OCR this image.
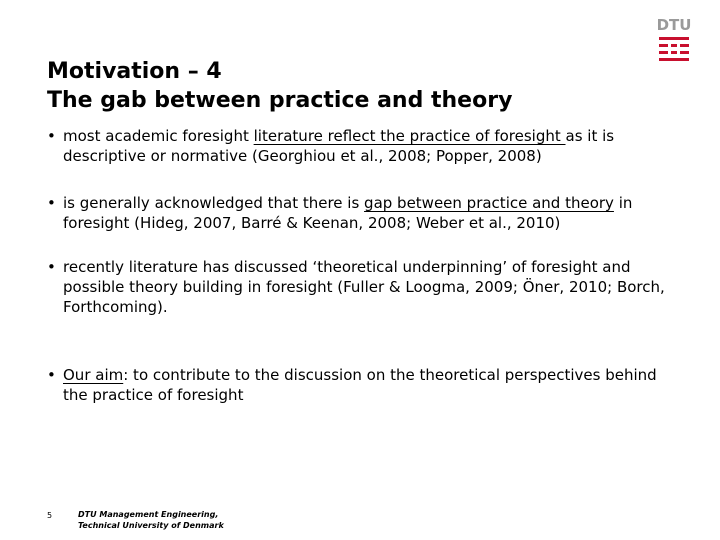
DTU
Motivation – 4
The gab between practice and theory
• most academic foresight literature reflect the practice of foresight as it is descriptive or normative (Georghiou et al., 2008; Popper, 2008)
• is generally acknowledged that there is gap between practice and theory in foresight (Hideg, 2007, Barré & Keenan, 2008; Weber et al., 2010)
• recently literature has discussed ‘theoretical underpinning’ of foresight and possible theory building in foresight (Fuller & Loogma, 2009; Öner, 2010; Borch, Forthcoming).
• Our aim: to contribute to the discussion on the theoretical perspectives behind the practice of foresight
5	DTU Management Engineering,
Technical University of Denmark
